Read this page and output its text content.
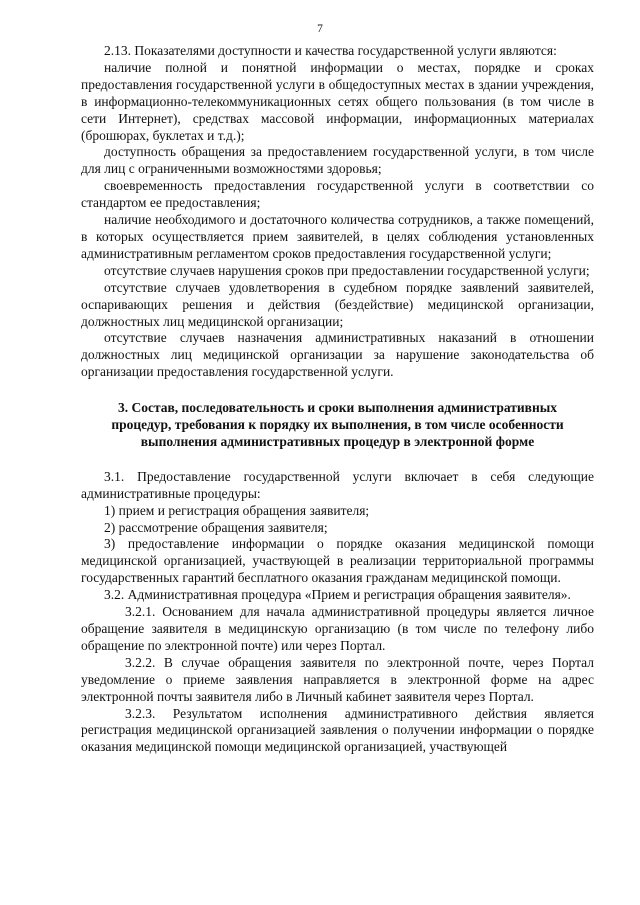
7

2.13. Показателями доступности и качества государственной услуги являются:

наличие полной и понятной информации о местах, порядке и сроках предоставления государственной услуги в общедоступных местах в здании учреждения, в информационно-телекоммуникационных сетях общего пользования (в том числе в сети Интернет), средствах массовой информации, информационных материалах (брошюрах, буклетах и т.д.);

доступность обращения за предоставлением государственной услуги, в том числе для лиц с ограниченными возможностями здоровья;

своевременность предоставления государственной услуги в соответствии со стандартом ее предоставления;

наличие необходимого и достаточного количества сотрудников, а также помещений, в которых осуществляется прием заявителей, в целях соблюдения установленных административным регламентом сроков предоставления государственной услуги;

отсутствие случаев нарушения сроков при предоставлении государственной услуги;

отсутствие случаев удовлетворения в судебном порядке заявлений заявителей, оспаривающих решения и действия (бездействие) медицинской организации, должностных лиц медицинской организации;

отсутствие случаев назначения административных наказаний в отношении должностных лиц медицинской организации за нарушение законодательства об организации предоставления государственной услуги.

3. Состав, последовательность и сроки выполнения административных процедур, требования к порядку их выполнения, в том числе особенности выполнения административных процедур в электронной форме

3.1. Предоставление государственной услуги включает в себя следующие административные процедуры:

1) прием и регистрация обращения заявителя;

2) рассмотрение обращения заявителя;

3) предоставление информации о порядке оказания медицинской помощи медицинской организацией, участвующей в реализации территориальной программы государственных гарантий бесплатного оказания гражданам медицинской помощи.

3.2. Административная процедура «Прием и регистрация обращения заявителя».

3.2.1. Основанием для начала административной процедуры является личное обращение заявителя в медицинскую организацию (в том числе по телефону либо обращение по электронной почте) или через Портал.

3.2.2. В случае обращения заявителя по электронной почте, через Портал уведомление о приеме заявления направляется в электронной форме на адрес электронной почты заявителя либо в Личный кабинет заявителя через Портал.

3.2.3. Результатом исполнения административного действия является регистрация медицинской организацией заявления о получении информации о порядке оказания медицинской помощи медицинской организацией, участвующей
